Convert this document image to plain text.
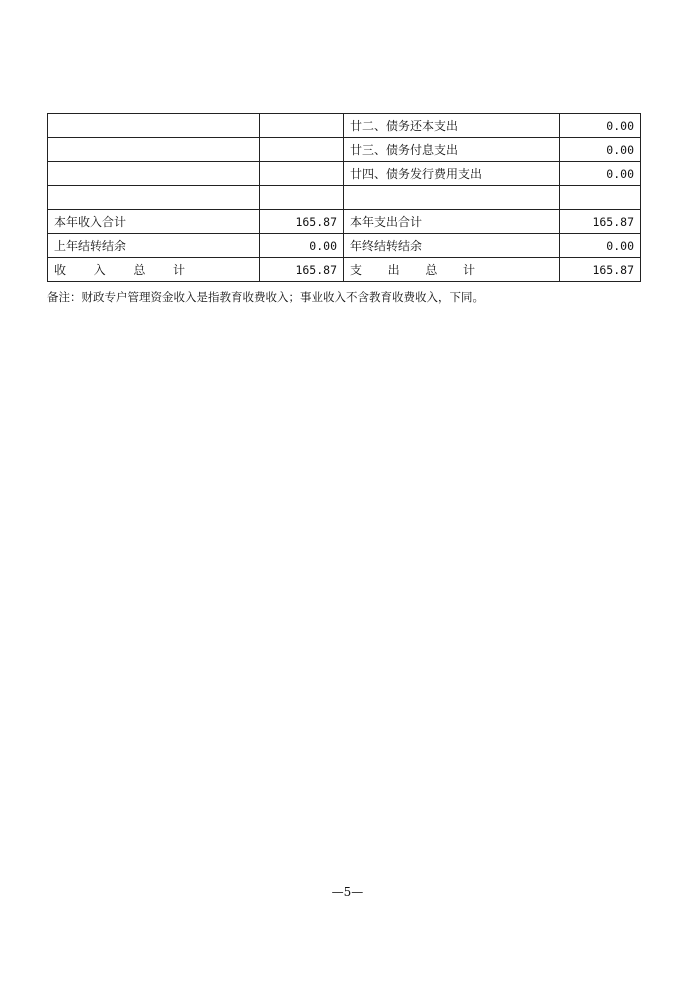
		廿二、债务还本支出	0.00
		廿三、债务付息支出	0.00
		廿四、债务发行费用支出	0.00

本年收入合计	165.87	本年支出合计	165.87
上年结转结余	0.00	年终结转结余	0.00

收 入 总 计	165.87	支 出 总 计	165.87
备注：财政专户管理资金收入是指教育收费收入；事业收入不含教育收费收入，下同。
—5—
